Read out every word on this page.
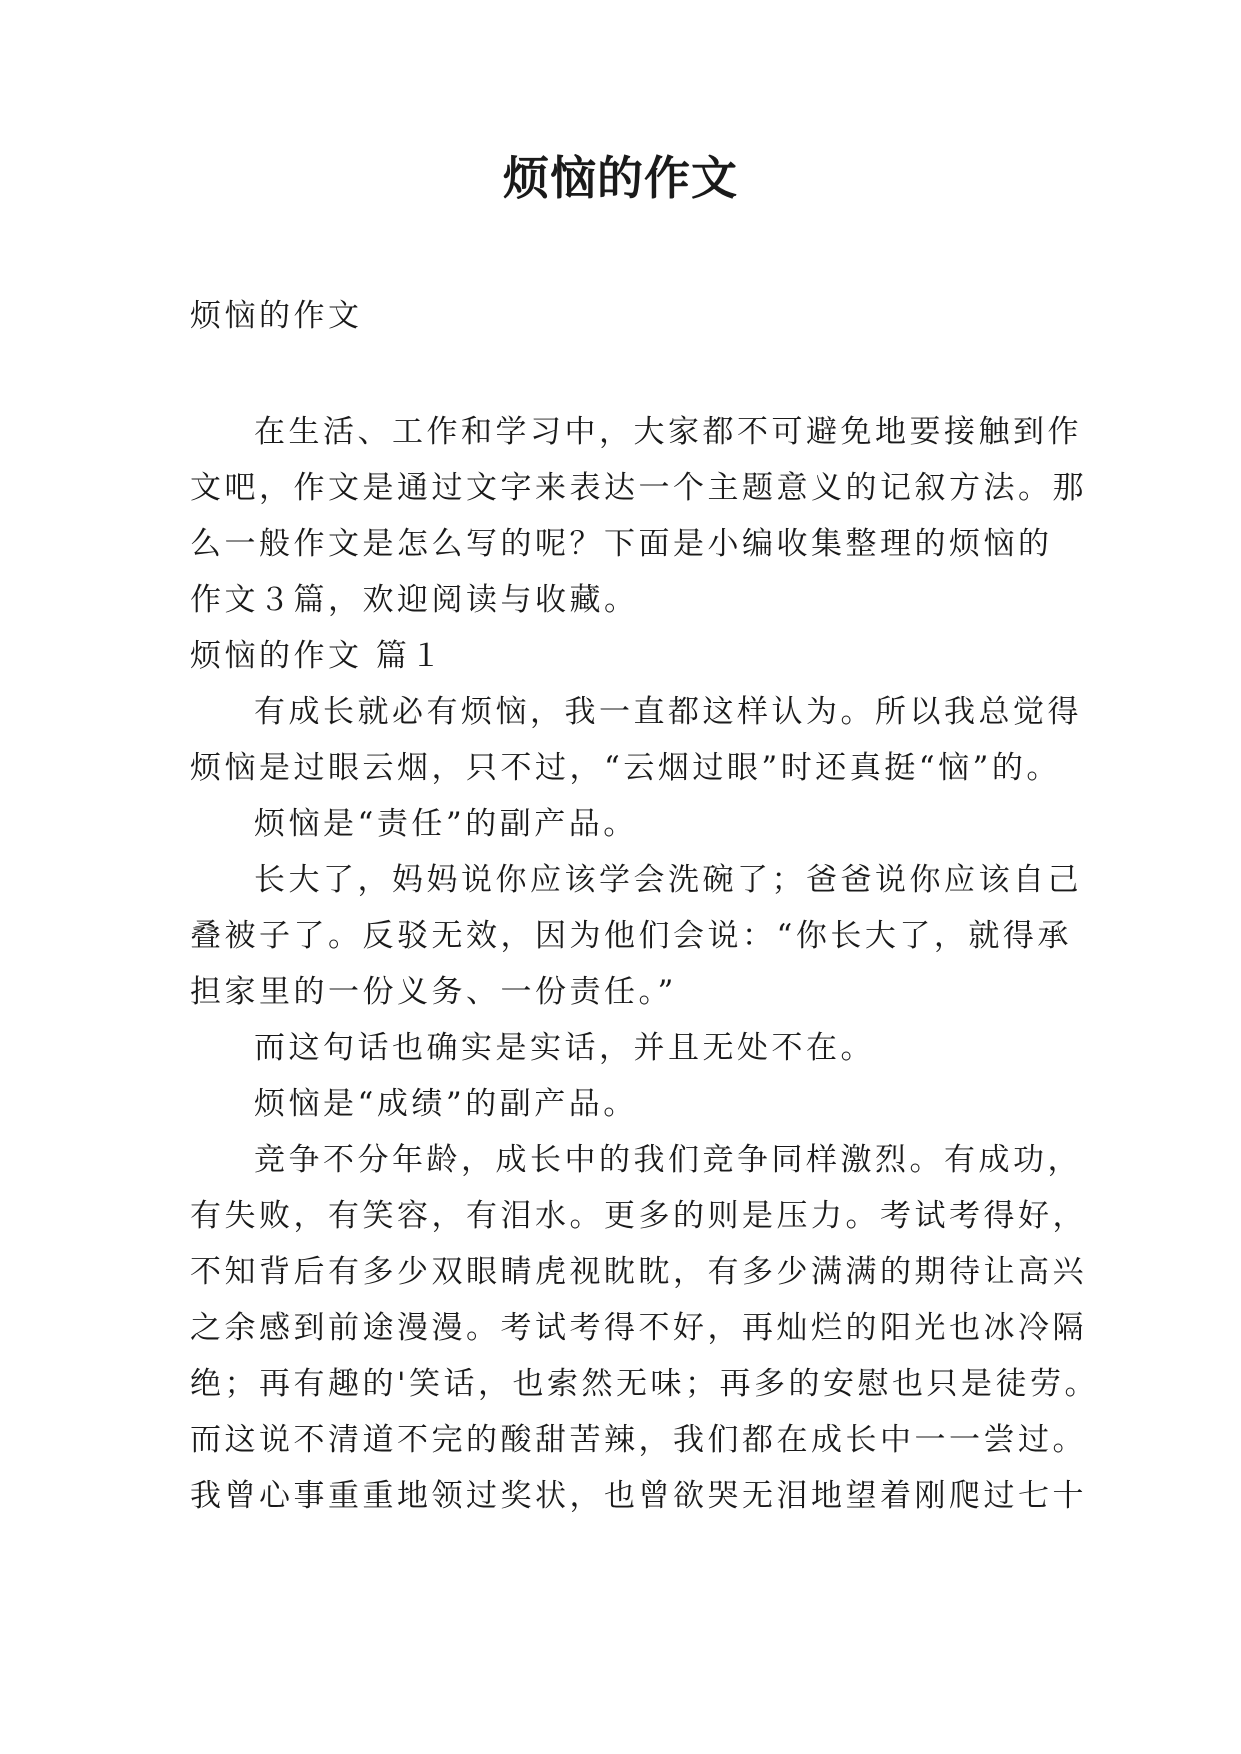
烦恼的作文
烦恼的作文
在生活、工作和学习中，大家都不可避免地要接触到作
文吧，作文是通过文字来表达一个主题意义的记叙方法。那
么一般作文是怎么写的呢？下面是小编收集整理的烦恼的
作文３篇，欢迎阅读与收藏。
烦恼的作文 篇１
有成长就必有烦恼，我一直都这样认为。所以我总觉得
烦恼是过眼云烟，只不过，“云烟过眼”时还真挺“恼”的。
烦恼是“责任”的副产品。
长大了，妈妈说你应该学会洗碗了；爸爸说你应该自己
叠被子了。反驳无效，因为他们会说：“你长大了，就得承
担家里的一份义务、一份责任。”
而这句话也确实是实话，并且无处不在。
烦恼是“成绩”的副产品。
竞争不分年龄，成长中的我们竞争同样激烈。有成功，
有失败，有笑容，有泪水。更多的则是压力。考试考得好，
不知背后有多少双眼睛虎视眈眈，有多少满满的期待让高兴
之余感到前途漫漫。考试考得不好，再灿烂的阳光也冰冷隔
绝；再有趣的'笑话，也索然无味；再多的安慰也只是徒劳。
而这说不清道不完的酸甜苦辣，我们都在成长中一一尝过。
我曾心事重重地领过奖状，也曾欲哭无泪地望着刚爬过七十
